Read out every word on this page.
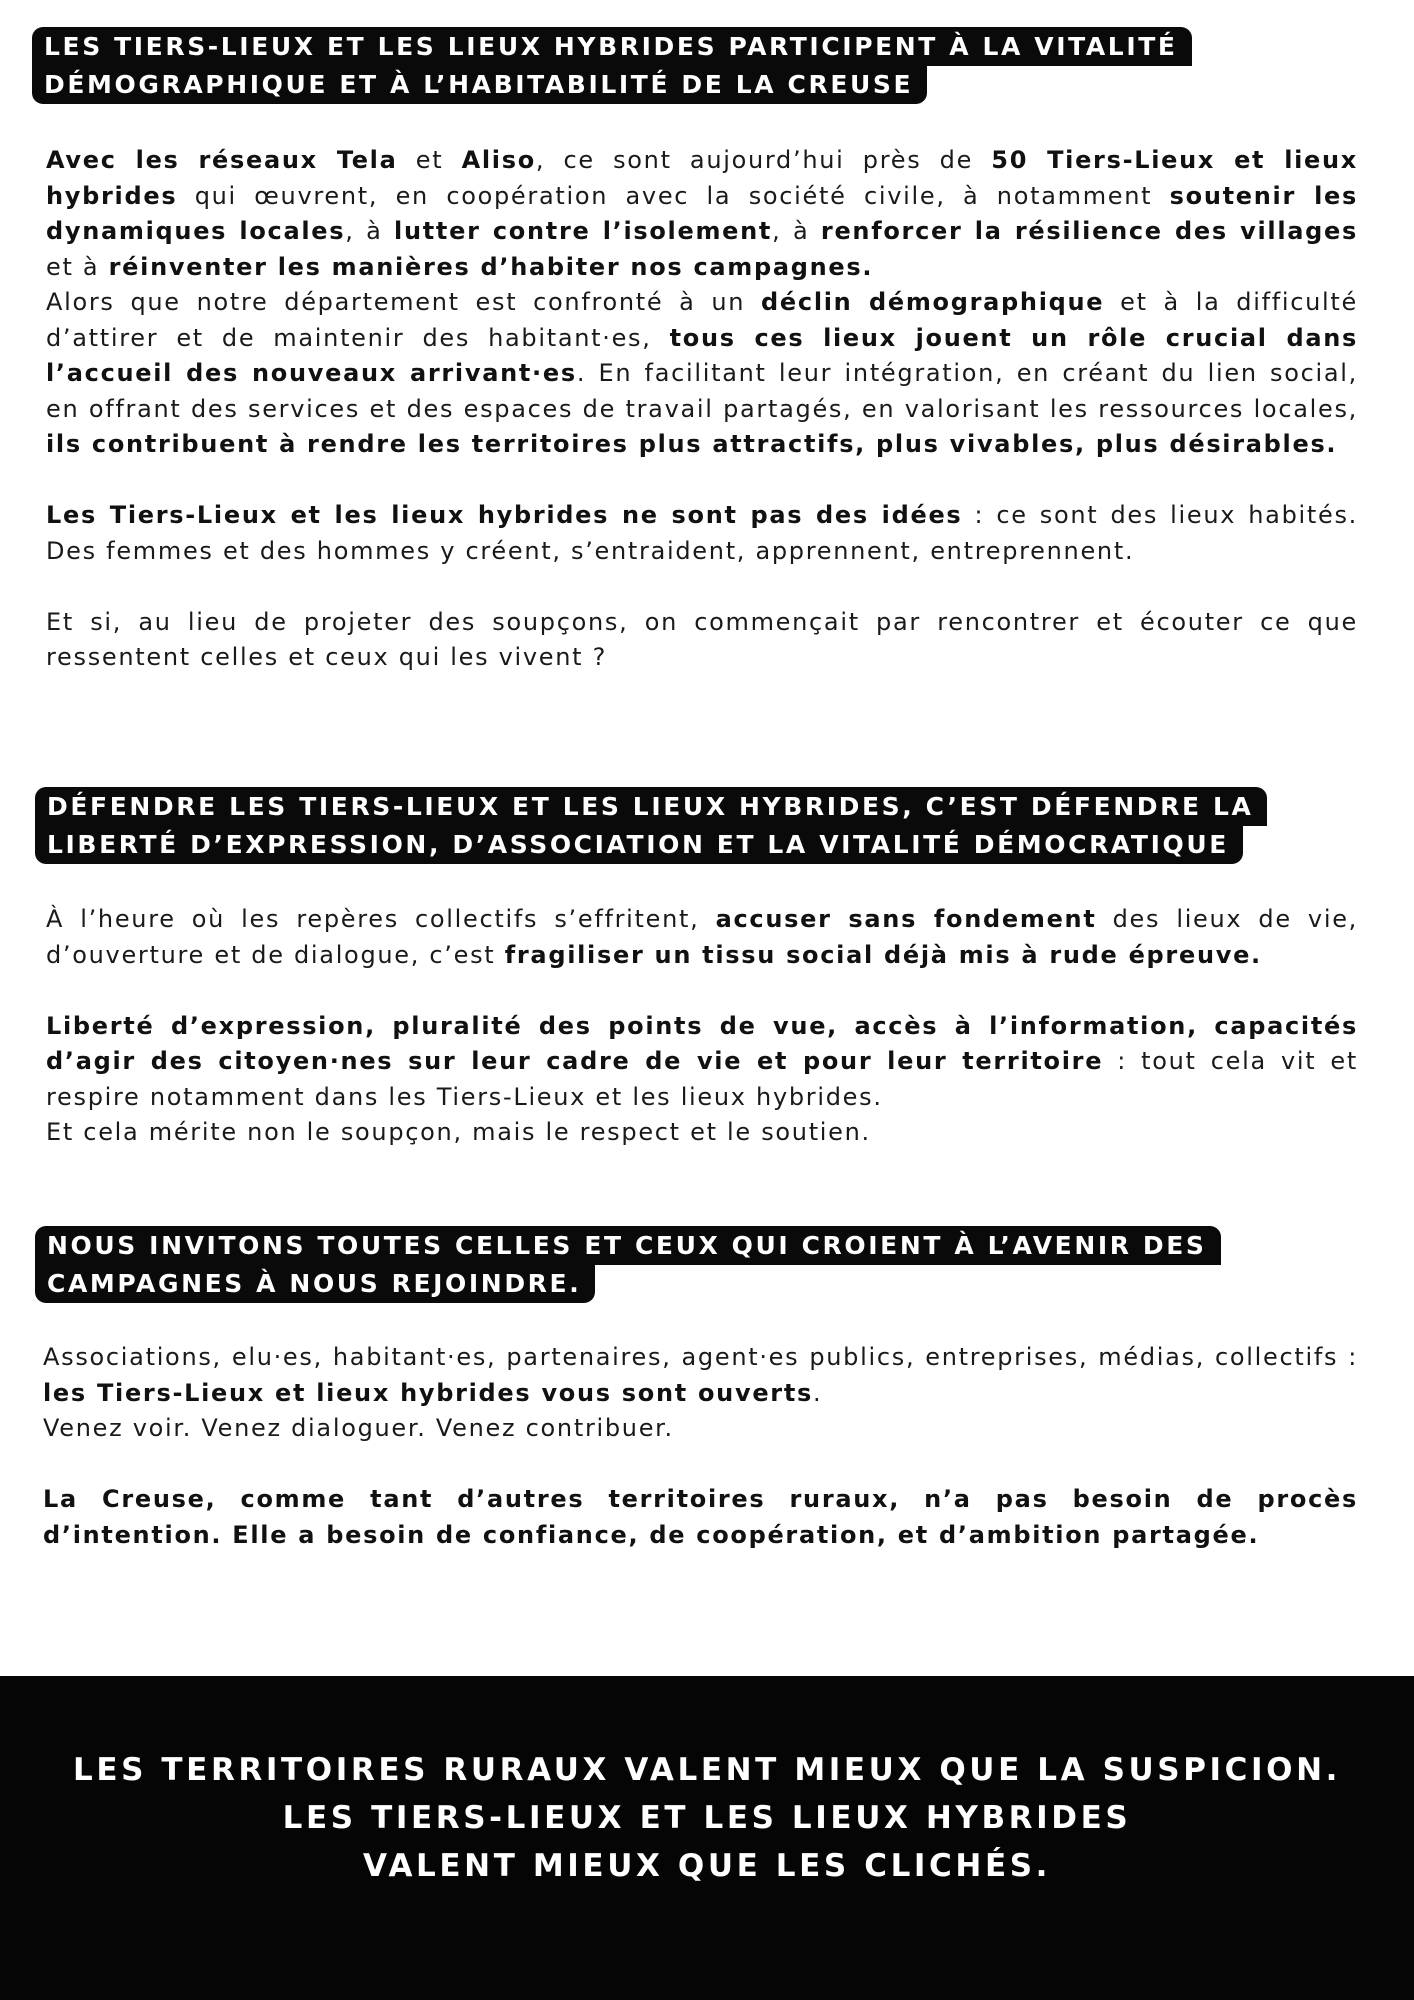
LES TIERS-LIEUX ET LES LIEUX HYBRIDES PARTICIPENT À LA VITALITÉ
DÉMOGRAPHIQUE ET À L’HABITABILITÉ DE LA CREUSE

Avec les réseaux Tela et Aliso, ce sont aujourd’hui près de 50 Tiers-Lieux et lieux hybrides qui œuvrent, en coopération avec la société civile, à notamment soutenir les dynamiques locales, à lutter contre l’isolement, à renforcer la résilience des villages et à réinventer les manières d’habiter nos campagnes.
Alors que notre département est confronté à un déclin démographique et à la difficulté d’attirer et de maintenir des habitant·es, tous ces lieux jouent un rôle crucial dans l’accueil des nouveaux arrivant·es. En facilitant leur intégration, en créant du lien social, en offrant des services et des espaces de travail partagés, en valorisant les ressources locales, ils contribuent à rendre les territoires plus attractifs, plus vivables, plus désirables.

Les Tiers-Lieux et les lieux hybrides ne sont pas des idées : ce sont des lieux habités. Des femmes et des hommes y créent, s’entraident, apprennent, entreprennent.

Et si, au lieu de projeter des soupçons, on commençait par rencontrer et écouter ce que ressentent celles et ceux qui les vivent ?

DÉFENDRE LES TIERS-LIEUX ET LES LIEUX HYBRIDES, C’EST DÉFENDRE LA
LIBERTÉ D’EXPRESSION, D’ASSOCIATION ET LA VITALITÉ DÉMOCRATIQUE

À l’heure où les repères collectifs s’effritent, accuser sans fondement des lieux de vie, d’ouverture et de dialogue, c’est fragiliser un tissu social déjà mis à rude épreuve.

Liberté d’expression, pluralité des points de vue, accès à l’information, capacités d’agir des citoyen·nes sur leur cadre de vie et pour leur territoire : tout cela vit et respire notamment dans les Tiers-Lieux et les lieux hybrides.
Et cela mérite non le soupçon, mais le respect et le soutien.

NOUS INVITONS TOUTES CELLES ET CEUX QUI CROIENT À L’AVENIR DES
CAMPAGNES À NOUS REJOINDRE.

Associations, elu·es, habitant·es, partenaires, agent·es publics, entreprises, médias, collectifs : les Tiers-Lieux et lieux hybrides vous sont ouverts.
Venez voir. Venez dialoguer. Venez contribuer.

La Creuse, comme tant d’autres territoires ruraux, n’a pas besoin de procès d’intention. Elle a besoin de confiance, de coopération, et d’ambition partagée.

LES TERRITOIRES RURAUX VALENT MIEUX QUE LA SUSPICION.
LES TIERS-LIEUX ET LES LIEUX HYBRIDES
VALENT MIEUX QUE LES CLICHÉS.
